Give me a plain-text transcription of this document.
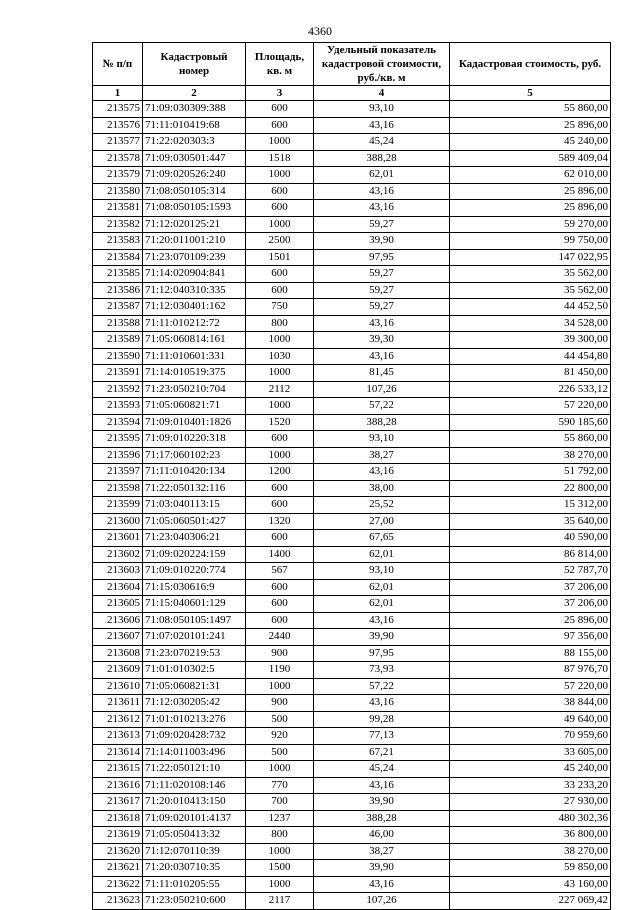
4360
№ п/п	Кадастровый номер	Площадь, кв. м	Удельный показатель кадастровой стоимости, руб./кв. м	Кадастровая стоимость, руб.
1	2	3	4	5
213575	71:09:030309:388	600	93,10	55 860,00
213576	71:11:010419:68	600	43,16	25 896,00
213577	71:22:020303:3	1000	45,24	45 240,00
213578	71:09:030501:447	1518	388,28	589 409,04
213579	71:09:020526:240	1000	62,01	62 010,00
213580	71:08:050105:314	600	43,16	25 896,00
213581	71:08:050105:1593	600	43,16	25 896,00
213582	71:12:020125:21	1000	59,27	59 270,00
213583	71:20:011001:210	2500	39,90	99 750,00
213584	71:23:070109:239	1501	97,95	147 022,95
213585	71:14:020904:841	600	59,27	35 562,00
213586	71:12:040310:335	600	59,27	35 562,00
213587	71:12:030401:162	750	59,27	44 452,50
213588	71:11:010212:72	800	43,16	34 528,00
213589	71:05:060814:161	1000	39,30	39 300,00
213590	71:11:010601:331	1030	43,16	44 454,80
213591	71:14:010519:375	1000	81,45	81 450,00
213592	71:23:050210:704	2112	107,26	226 533,12
213593	71:05:060821:71	1000	57,22	57 220,00
213594	71:09:010401:1826	1520	388,28	590 185,60
213595	71:09:010220:318	600	93,10	55 860,00
213596	71:17:060102:23	1000	38,27	38 270,00
213597	71:11:010420:134	1200	43,16	51 792,00
213598	71:22:050132:116	600	38,00	22 800,00
213599	71:03:040113:15	600	25,52	15 312,00
213600	71:05:060501:427	1320	27,00	35 640,00
213601	71:23:040306:21	600	67,65	40 590,00
213602	71:09:020224:159	1400	62,01	86 814,00
213603	71:09:010220:774	567	93,10	52 787,70
213604	71:15:030616:9	600	62,01	37 206,00
213605	71:15:040601:129	600	62,01	37 206,00
213606	71:08:050105:1497	600	43,16	25 896,00
213607	71:07:020101:241	2440	39,90	97 356,00
213608	71:23:070219:53	900	97,95	88 155,00
213609	71:01:010302:5	1190	73,93	87 976,70
213610	71:05:060821:31	1000	57,22	57 220,00
213611	71:12:030205:42	900	43,16	38 844,00
213612	71:01:010213:276	500	99,28	49 640,00
213613	71:09:020428:732	920	77,13	70 959,60
213614	71:14:011003:496	500	67,21	33 605,00
213615	71:22:050121:10	1000	45,24	45 240,00
213616	71:11:020108:146	770	43,16	33 233,20
213617	71:20:010413:150	700	39,90	27 930,00
213618	71:09:020101:4137	1237	388,28	480 302,36
213619	71:05:050413:32	800	46,00	36 800,00
213620	71:12:070110:39	1000	38,27	38 270,00
213621	71:20:030710:35	1500	39,90	59 850,00
213622	71:11:010205:55	1000	43,16	43 160,00
213623	71:23:050210:600	2117	107,26	227 069,42
